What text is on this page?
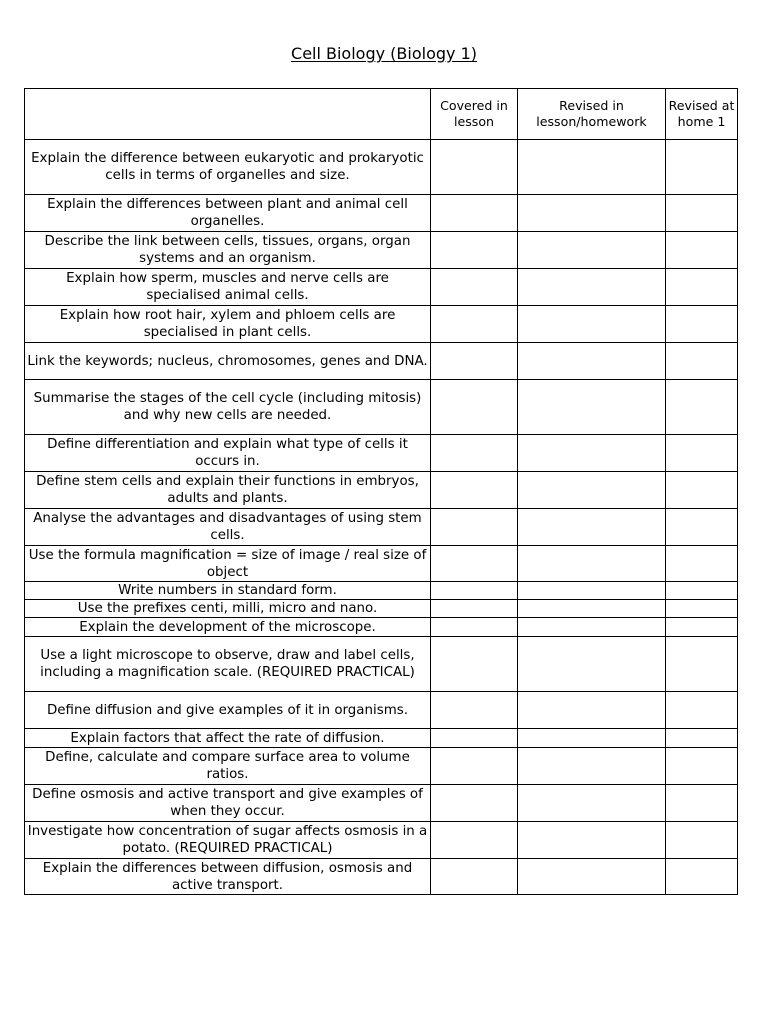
Cell Biology (Biology 1)
	Covered in lesson	Revised in lesson/homework	Revised at home 1
Explain the difference between eukaryotic and prokaryotic cells in terms of organelles and size.			
Explain the differences between plant and animal cell organelles.			
Describe the link between cells, tissues, organs, organ systems and an organism.			
Explain how sperm, muscles and nerve cells are specialised animal cells.			
Explain how root hair, xylem and phloem cells are specialised in plant cells.			
Link the keywords; nucleus, chromosomes, genes and DNA.			
Summarise the stages of the cell cycle (including mitosis) and why new cells are needed.			
Define differentiation and explain what type of cells it occurs in.			
Define stem cells and explain their functions in embryos, adults and plants.			
Analyse the advantages and disadvantages of using stem cells.			
Use the formula magnification = size of image / real size of object			
Write numbers in standard form.			
Use the prefixes centi, milli, micro and nano.			
Explain the development of the microscope.			
Use a light microscope to observe, draw and label cells, including a magnification scale. (REQUIRED PRACTICAL)			
Define diffusion and give examples of it in organisms.			
Explain factors that affect the rate of diffusion.			
Define, calculate and compare surface area to volume ratios.			
Define osmosis and active transport and give examples of when they occur.			
Investigate how concentration of sugar affects osmosis in a potato. (REQUIRED PRACTICAL)			
Explain the differences between diffusion, osmosis and active transport.			
